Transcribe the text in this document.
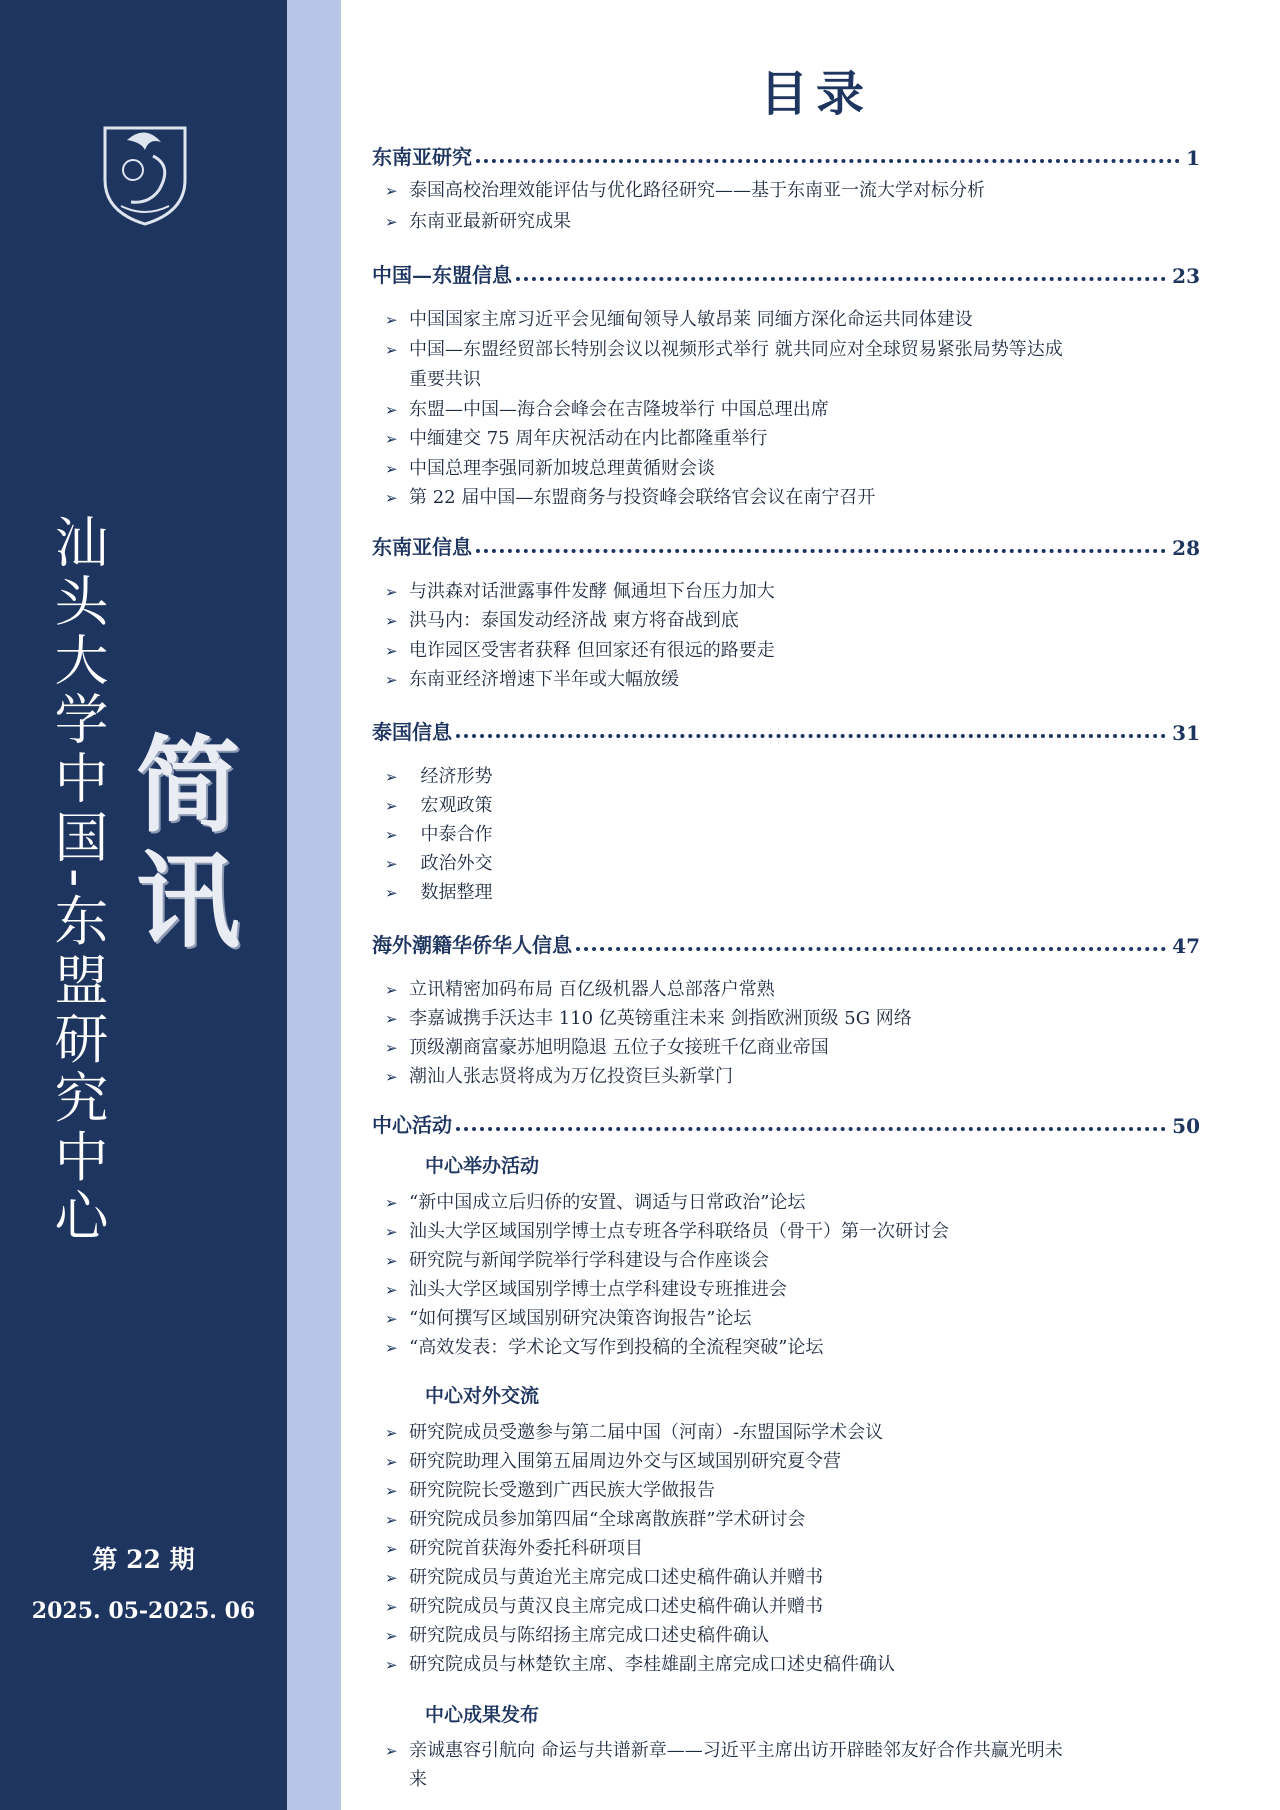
汕头大学中国-东盟研究中心 简讯
第 22 期
2025. 05-2025. 06
目录
东南亚研究	1
➢ 泰国高校治理效能评估与优化路径研究——基于东南亚一流大学对标分析
➢ 东南亚最新研究成果
中国—东盟信息	23
➢ 中国国家主席习近平会见缅甸领导人敏昂莱 同缅方深化命运共同体建设
➢ 中国—东盟经贸部长特别会议以视频形式举行 就共同应对全球贸易紧张局势等达成
重要共识
➢ 东盟—中国—海合会峰会在吉隆坡举行 中国总理出席
➢ 中缅建交 75 周年庆祝活动在内比都隆重举行
➢ 中国总理李强同新加坡总理黄循财会谈
➢ 第 22 届中国—东盟商务与投资峰会联络官会议在南宁召开
东南亚信息	28
➢ 与洪森对话泄露事件发酵 佩通坦下台压力加大
➢ 洪马内：泰国发动经济战 柬方将奋战到底
➢ 电诈园区受害者获释 但回家还有很远的路要走
➢ 东南亚经济增速下半年或大幅放缓
泰国信息	31
➢ 经济形势
➢ 宏观政策
➢ 中泰合作
➢ 政治外交
➢ 数据整理
海外潮籍华侨华人信息	47
➢ 立讯精密加码布局 百亿级机器人总部落户常熟
➢ 李嘉诚携手沃达丰 110 亿英镑重注未来 剑指欧洲顶级 5G 网络
➢ 顶级潮商富豪苏旭明隐退 五位子女接班千亿商业帝国
➢ 潮汕人张志贤将成为万亿投资巨头新掌门
中心活动	50
中心举办活动
➢ “新中国成立后归侨的安置、调适与日常政治”论坛
➢ 汕头大学区域国别学博士点专班各学科联络员（骨干）第一次研讨会
➢ 研究院与新闻学院举行学科建设与合作座谈会
➢ 汕头大学区域国别学博士点学科建设专班推进会
➢ “如何撰写区域国别研究决策咨询报告”论坛
➢ “高效发表：学术论文写作到投稿的全流程突破”论坛
中心对外交流
➢ 研究院成员受邀参与第二届中国（河南）-东盟国际学术会议
➢ 研究院助理入围第五届周边外交与区域国别研究夏令营
➢ 研究院院长受邀到广西民族大学做报告
➢ 研究院成员参加第四届“全球离散族群”学术研讨会
➢ 研究院首获海外委托科研项目
➢ 研究院成员与黄迨光主席完成口述史稿件确认并赠书
➢ 研究院成员与黄汉良主席完成口述史稿件确认并赠书
➢ 研究院成员与陈绍扬主席完成口述史稿件确认
➢ 研究院成员与林楚钦主席、李桂雄副主席完成口述史稿件确认
中心成果发布
➢ 亲诚惠容引航向 命运与共谱新章——习近平主席出访开辟睦邻友好合作共赢光明未
来
